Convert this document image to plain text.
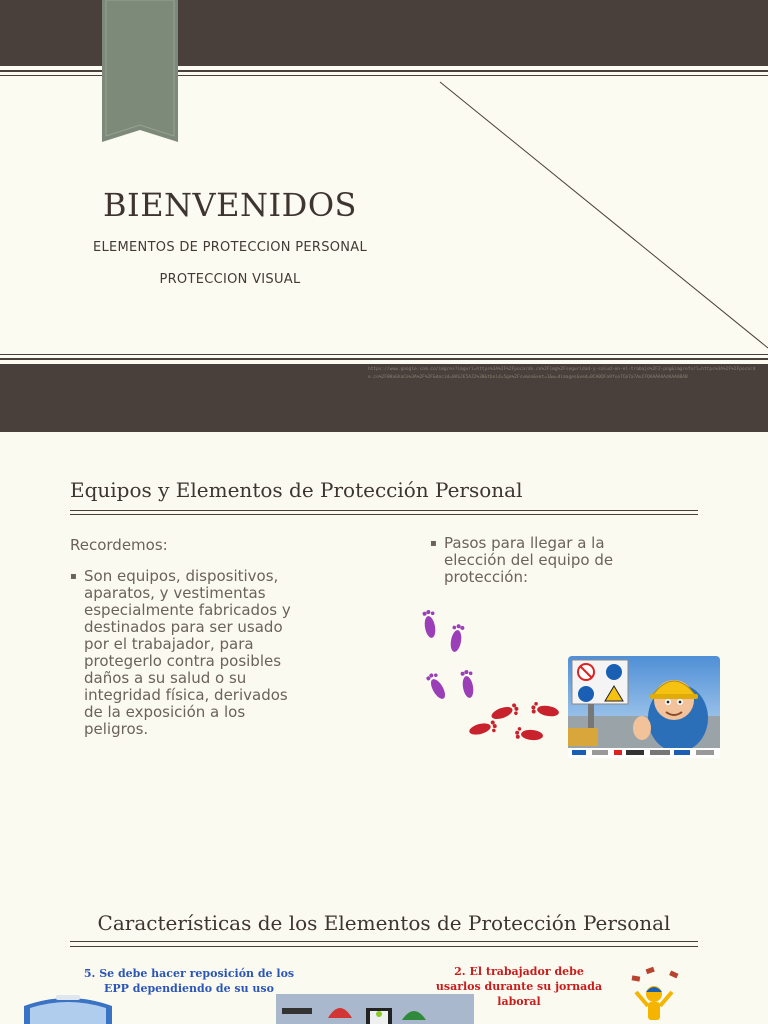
BIENVENIDOS
ELEMENTOS DE PROTECCION PERSONAL
PROTECCION VISUAL
https://www.google.com.co/imgres?imgurl=https%3A%2F%2Fpocarde.co%2Fimg%2Fseguridad-y-salud-en-el-trabajo%2F2-png&imgrefurl=https%3A%2F%2Fpocarde.co%2F0HaGhaCa%3A%2F%2F&docid=0ASJE5AJ2%3B&tbnid=5ge%2Fsvmon&vet=1&w=dimages&ved=0CA0QFa9fse7Cm7a7AuCFQAAAAAAdAAAABAB
Equipos y Elementos de Protección Personal
Recordemos:
▪ Son equipos, dispositivos, aparatos, y vestimentas especialmente fabricados y destinados para ser usado por el trabajador, para protegerlo contra posibles daños a su salud o su integridad física, derivados de la exposición a los peligros.
▪ Pasos para llegar a la elección del equipo de protección:
Características de los Elementos de Protección Personal
5. Se debe hacer reposición de los EPP dependiendo de su uso
2. El trabajador debe usarlos durante su jornada laboral
